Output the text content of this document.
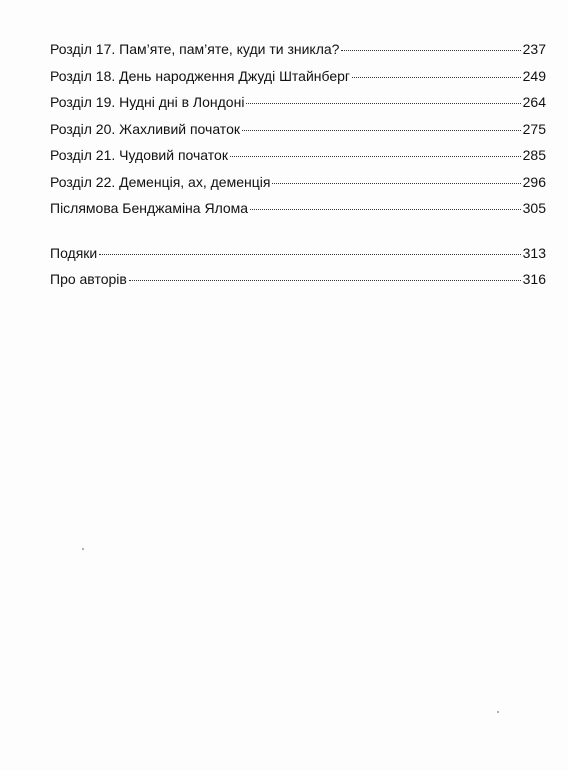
Розділ 17. Пам’яте, пам’яте, куди ти зникла?	237
Розділ 18. День народження Джуді Штайнберг	249
Розділ 19. Нудні дні в Лондоні	264
Розділ 20. Жахливий початок	275
Розділ 21. Чудовий початок	285
Розділ 22. Деменція, ах, деменція	296
Післямова Бенджаміна Ялома	305
Подяки	313
Про авторів	316
